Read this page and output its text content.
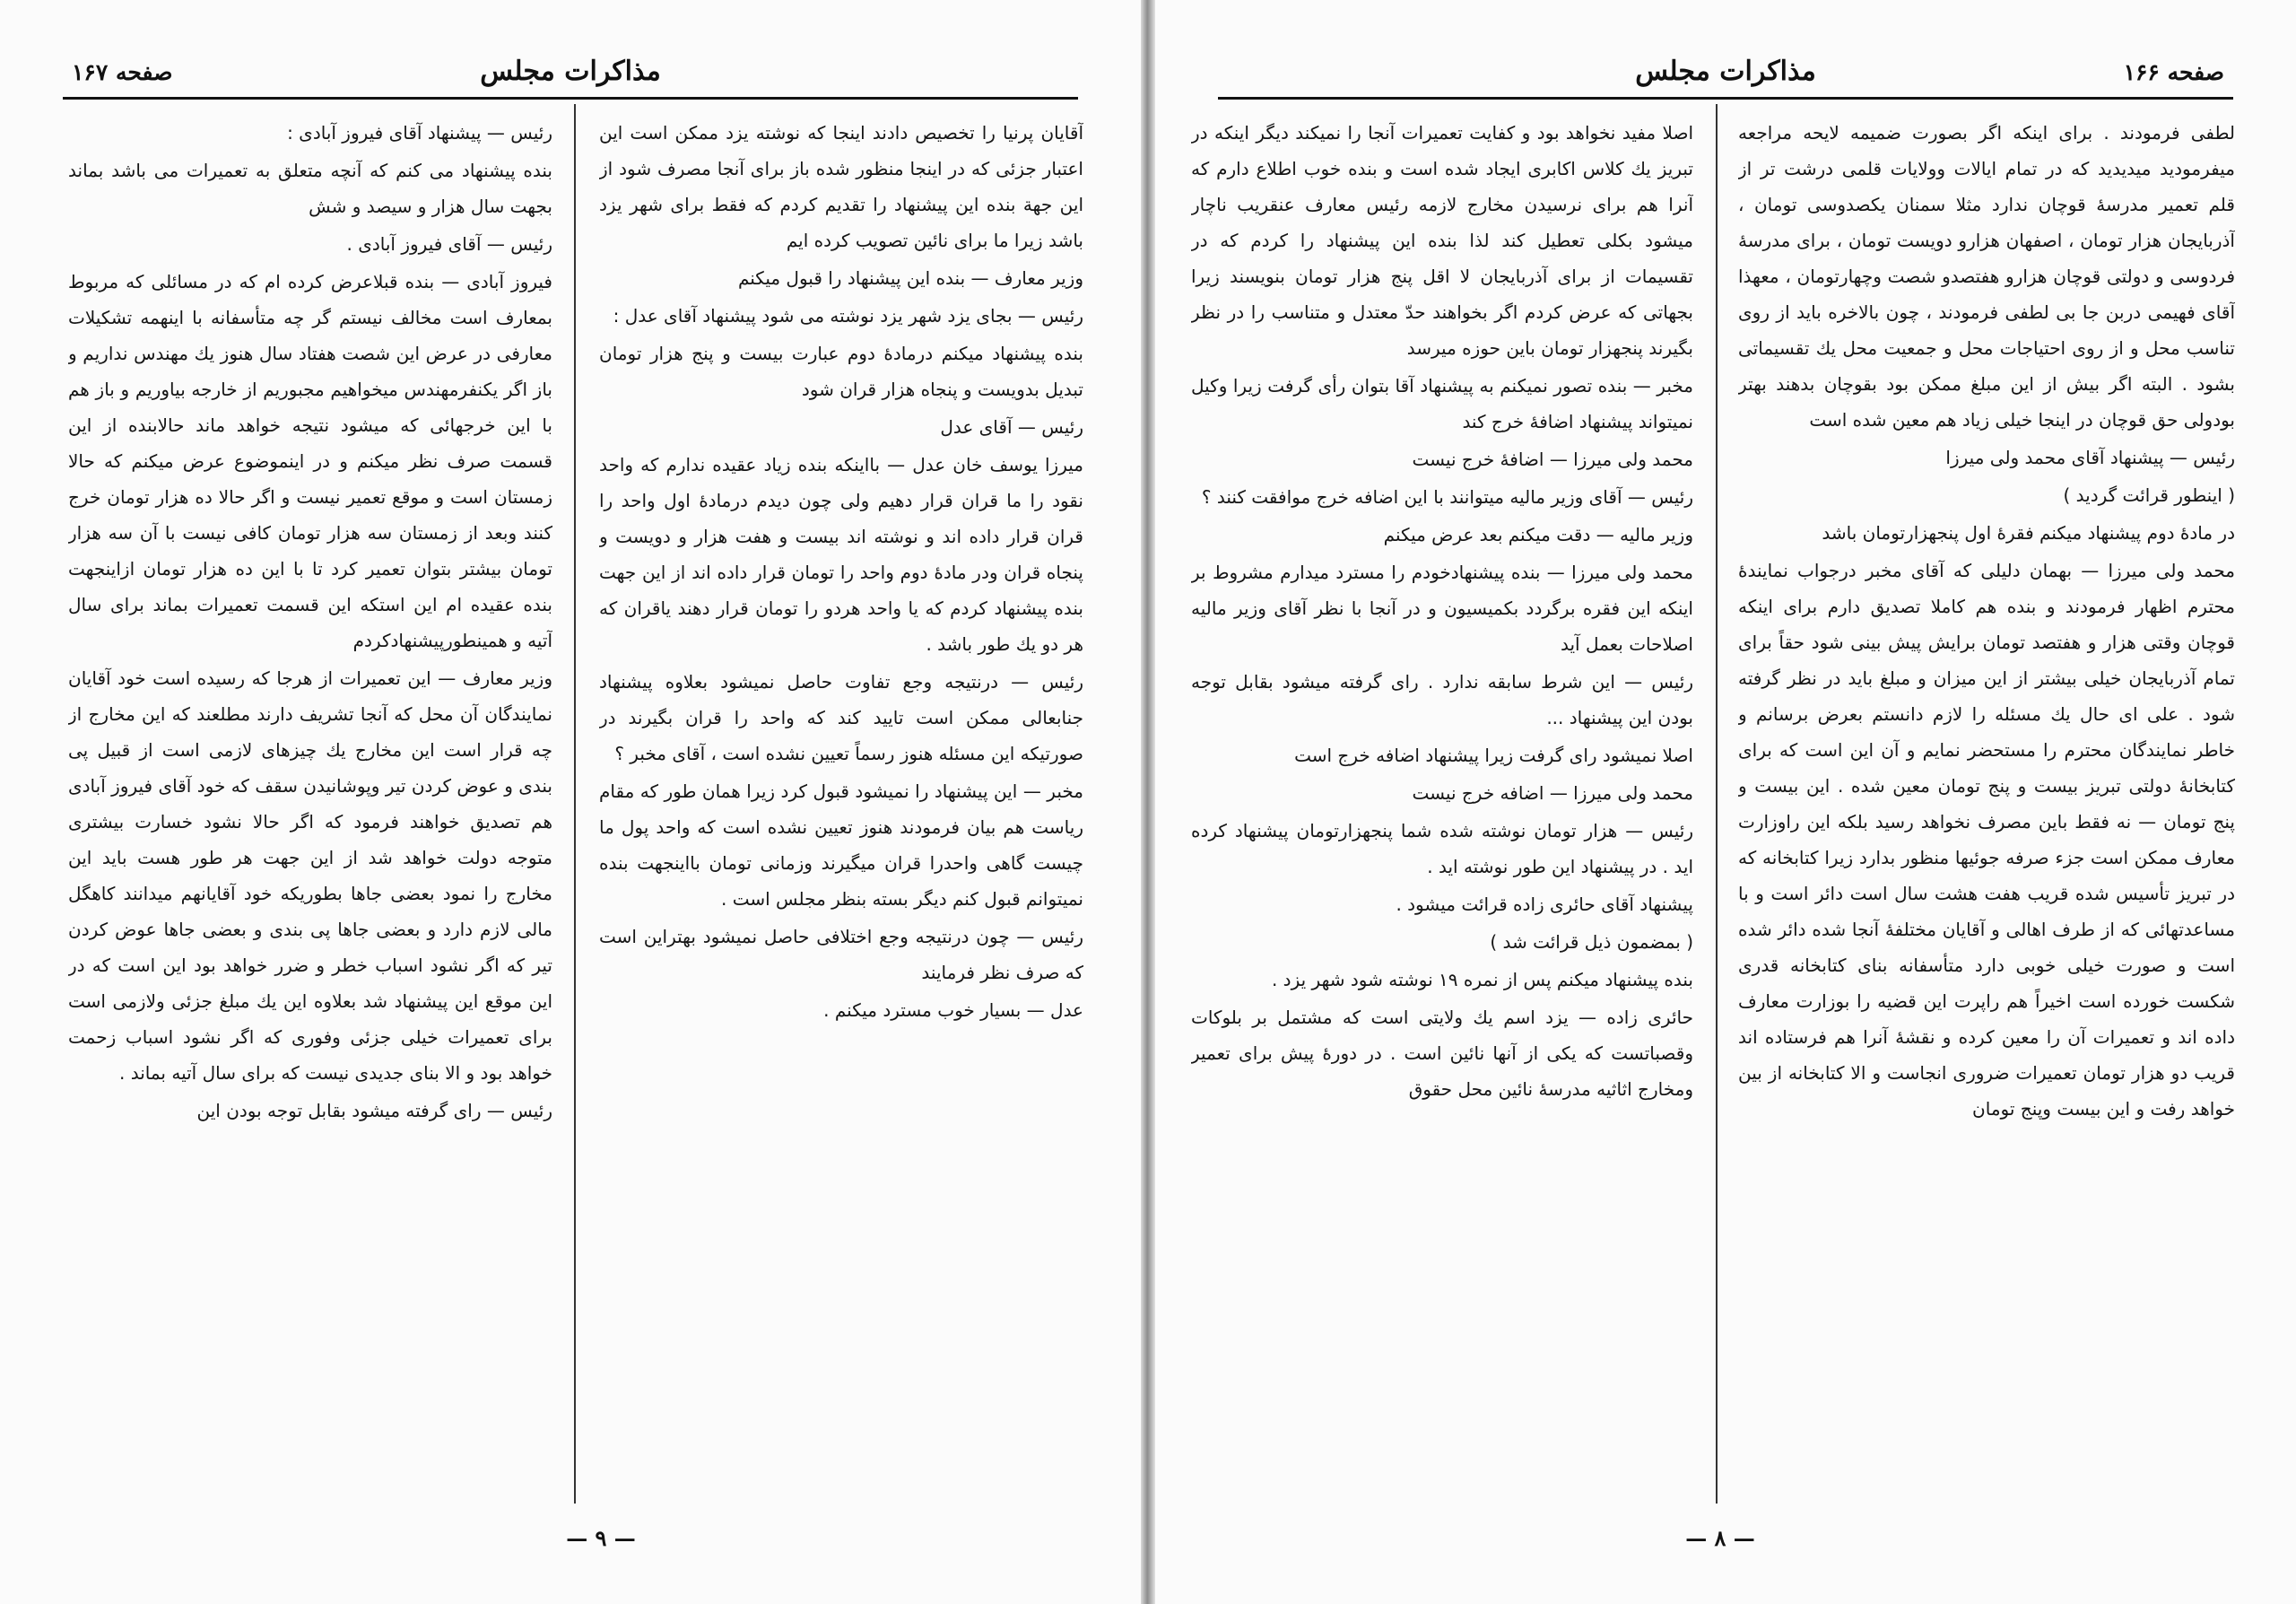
مذاکرات مجلس
صفحه ۱۶۷

آقایان پرنیا را تخصیص دادند اینجا که نوشته یزد ممکن است این اعتبار جزئی که در اینجا منظور شده باز برای آنجا مصرف شود از این جهة بنده این پیشنهاد را تقدیم کردم که فقط برای شهر یزد باشد زیرا ما برای نائین تصویب کرده ایم

وزیر معارف — بنده این پیشنهاد را قبول میکنم

رئیس — بجای یزد شهر یزد نوشته می شود پیشنهاد آقای عدل :

بنده پیشنهاد میکنم درمادهٔ دوم عبارت بیست و پنج هزار تومان تبدیل بدویست و پنجاه هزار قران شود

رئیس — آقای عدل

میرزا یوسف خان عدل — بااینکه بنده زیاد عقیده ندارم که واحد نقود را ما قران قرار دهیم ولی چون دیدم درمادهٔ اول واحد را قران قرار داده اند و نوشته اند بیست و هفت هزار و دویست و پنجاه قران ودر مادهٔ دوم واحد را تومان قرار داده اند از این جهت بنده پیشنهاد کردم که یا واحد هردو را تومان قرار دهند یاقران که هر دو یك طور باشد .

رئیس — درنتیجه وجع تفاوت حاصل نمیشود بعلاوه پیشنهاد جنابعالی ممکن است تایید کند که واحد را قران بگیرند در صورتیکه این مسئله هنوز رسماً تعیین نشده است ، آقای مخبر ؟

مخبر — این پیشنهاد را نمیشود قبول کرد زیرا همان طور که مقام ریاست هم بیان فرمودند هنوز تعیین نشده است که واحد پول ما چیست گاهی واحدرا قران میگیرند وزمانی تومان بااینجهت بنده نمیتوانم قبول کنم دیگر بسته بنظر مجلس است .

رئیس — چون درنتیجه وجع اختلافی حاصل نمیشود بهتراین است که صرف نظر فرمایند

عدل — بسیار خوب مسترد میکنم .

رئیس — پیشنهاد آقای فیروز آبادی :

بنده پیشنهاد می کنم که آنچه متعلق به تعمیرات می باشد بماند بجهت سال هزار و سیصد و شش

رئیس — آقای فیروز آبادی .

فیروز آبادی — بنده قبلاعرض کرده ام که در مسائلی که مربوط بمعارف است مخالف نیستم گر چه متأسفانه با اینهمه تشکیلات معارفی در عرض این شصت هفتاد سال هنوز یك مهندس نداریم و باز اگر یکنفرمهندس میخواهیم مجبوریم از خارجه بیاوریم و باز هم با این خرجهائی که میشود نتیجه خواهد ماند حالابنده از این قسمت صرف نظر میکنم و در اینموضوع عرض میکنم که حالا زمستان است و موقع تعمیر نیست و اگر حالا ده هزار تومان خرج کنند وبعد از زمستان سه هزار تومان کافی نیست با آن سه هزار تومان بیشتر بتوان تعمیر کرد تا با این ده هزار تومان ازاینجهت بنده عقیده ام این استکه این قسمت تعمیرات بماند برای سال آتیه و همینطورپیشنهادکردم

وزیر معارف — این تعمیرات از هرجا که رسیده است خود آقایان نمایندگان آن محل که آنجا تشریف دارند مطلعند که این مخارج از چه قرار است این مخارج یك چیزهای لازمی است از قبیل پی بندی و عوض کردن تیر وپوشانیدن سقف که خود آقای فیروز آبادی هم تصدیق خواهند فرمود که اگر حالا نشود خسارت بیشتری متوجه دولت خواهد شد از این جهت هر طور هست باید این مخارج را نمود بعضی جاها بطوریکه خود آقایانهم میدانند کاهگل مالی لازم دارد و بعضی جاها پی بندی و بعضی جاها عوض کردن تیر که اگر نشود اسباب خطر و ضرر خواهد بود این است که در این موقع این پیشنهاد شد بعلاوه این یك مبلغ جزئی ولازمی است برای تعمیرات خیلی جزئی وفوری که اگر نشود اسباب زحمت خواهد بود و الا بنای جدیدی نیست که برای سال آتیه بماند .

رئیس — رای گرفته میشود بقابل توجه بودن این

— ۹ —
مذاکرات مجلس	صفحه ۱۶۶

لطفی فرمودند . برای اینکه اگر بصورت ضمیمه لایحه مراجعه میفرمودید میدیدید که در تمام ایالات وولایات قلمی درشت تر از قلم تعمیر مدرسهٔ قوچان ندارد مثلا سمنان یکصدوسی تومان ، آذربایجان هزار تومان ، اصفهان هزارو دویست تومان ، برای مدرسهٔ فردوسی و دولتی قوچان هزارو هفتصدو شصت وچهارتومان ، معهذا آقای فهیمی دربن جا بی لطفی فرمودند ، چون بالاخره باید از روی تناسب محل و از روی احتیاجات محل و جمعیت محل یك تقسیماتی بشود . البته اگر بیش از این مبلغ ممکن بود بقوچان بدهند بهتر بودولی حق قوچان در اینجا خیلی زیاد هم معین شده است

رئیس — پیشنهاد آقای محمد ولی میرزا

( اینطور قرائت گردید )

در مادهٔ دوم پیشنهاد میکنم فقرهٔ اول پنجهزارتومان باشد

محمد ولی میرزا — بهمان دلیلی که آقای مخبر درجواب نمایندهٔ محترم اظهار فرمودند و بنده هم کاملا تصدیق دارم برای اینکه قوچان وقتی هزار و هفتصد تومان برایش پیش بینی شود حقاً برای تمام آذربایجان خیلی بیشتر از این میزان و مبلغ باید در نظر گرفته شود . علی ای حال یك مسئله را لازم دانستم بعرض برسانم و خاطر نمایندگان محترم را مستحضر نمایم و آن این است که برای کتابخانهٔ دولتی تبریز بیست و پنج تومان معین شده . این بیست و پنج تومان — نه فقط باین مصرف نخواهد رسید بلکه این راوزارت معارف ممکن است جزء صرفه جوئیها منظور بدارد زیرا کتابخانه که در تبریز تأسیس شده قریب هفت هشت سال است دائر است و با مساعدتهائی که از طرف اهالی و آقایان مختلفهٔ آنجا شده دائر شده است و صورت خیلی خوبی دارد متأسفانه بنای کتابخانه قدری شکست خورده است اخیراً هم راپرت این قضیه را بوزارت معارف داده اند و تعمیرات آن را معین کرده و نقشهٔ آنرا هم فرستاده اند قریب دو هزار تومان تعمیرات ضروری انجاست و الا کتابخانه از بین خواهد رفت و این بیست وپنج تومان

اصلا مفید نخواهد بود و کفایت تعمیرات آنجا را نمیکند دیگر اینکه در تبریز یك کلاس اکابری ایجاد شده است و بنده خوب اطلاع دارم که آنرا هم برای نرسیدن مخارج لازمه رئیس معارف عنقریب ناچار میشود بکلی تعطیل کند لذا بنده این پیشنهاد را کردم که در تقسیمات از برای آذربایجان لا اقل پنج هزار تومان بنویسند زیرا بجهاتی که عرض کردم اگر بخواهند حدّ معتدل و متناسب را در نظر بگیرند پنجهزار تومان باین حوزه میرسد

مخبر — بنده تصور نمیکنم به پیشنهاد آقا بتوان رأی گرفت زیرا وکیل نمیتواند پیشنهاد اضافهٔ خرج کند

محمد ولی میرزا — اضافهٔ خرج نیست

رئیس — آقای وزیر مالیه میتوانند با این اضافه خرج موافقت کنند ؟

وزیر مالیه — دقت میکنم بعد عرض میکنم

محمد ولی میرزا — بنده پیشنهادخودم را مسترد میدارم مشروط بر اینکه این فقره برگردد بکمیسیون و در آنجا با نظر آقای وزیر مالیه اصلاحات بعمل آید

رئیس — این شرط سابقه ندارد . رای گرفته میشود بقابل توجه بودن این پیشنهاد ...

اصلا نمیشود رای گرفت زیرا پیشنهاد اضافه خرج است

محمد ولی میرزا — اضافه خرج نیست

رئیس — هزار تومان نوشته شده شما پنجهزارتومان پیشنهاد کرده اید . در پیشنهاد این طور نوشته اید .

پیشنهاد آقای حائری زاده قرائت میشود .

( بمضمون ذیل قرائت شد )

بنده پیشنهاد میکنم پس از نمره ۱۹ نوشته شود شهر یزد .

حائری زاده — یزد اسم یك ولایتی است که مشتمل بر بلوکات وقصباتست که یکی از آنها نائین است . در دورهٔ پیش برای تعمیر ومخارج اثاثیه مدرسهٔ نائین محل حقوق

— ۸ —
